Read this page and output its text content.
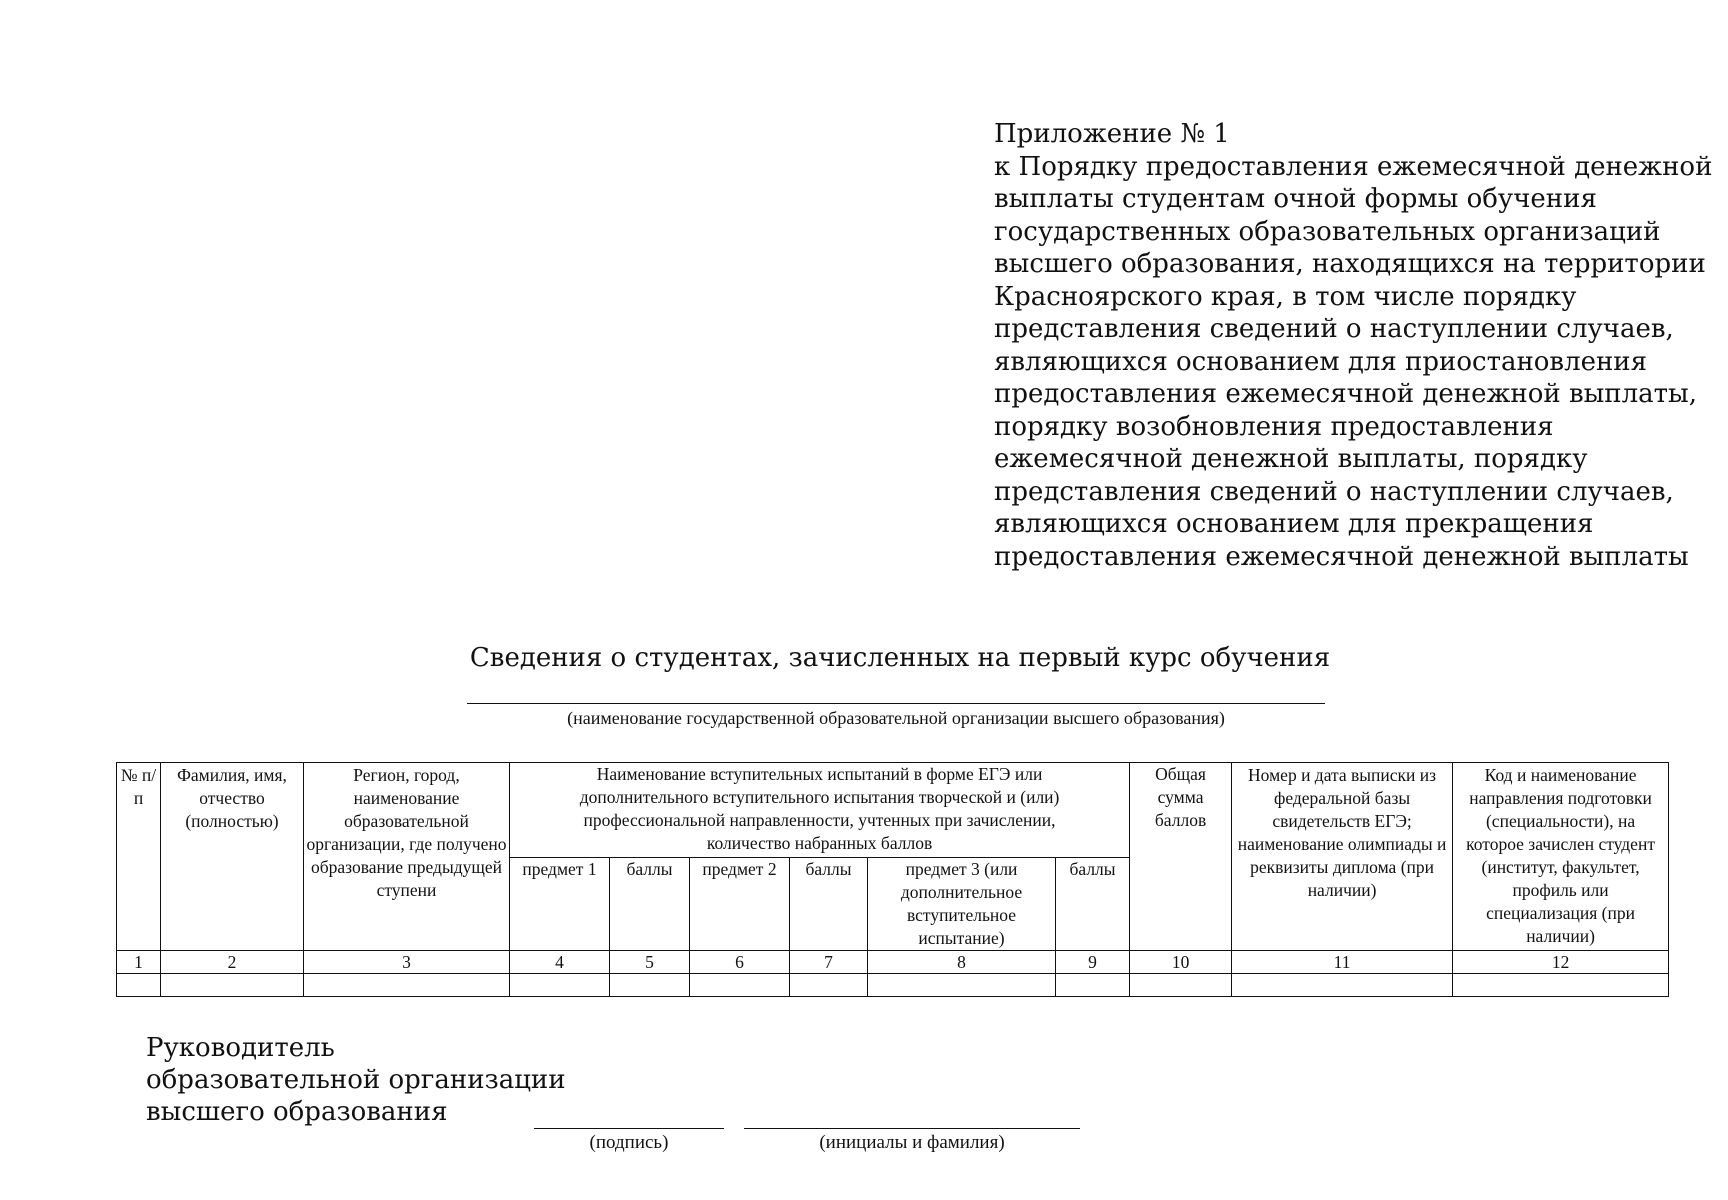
Приложение № 1
к Порядку предоставления ежемесячной денежной
выплаты студентам очной формы обучения
государственных образовательных организаций
высшего образования, находящихся на территории
Красноярского края, в том числе порядку
представления сведений о наступлении случаев,
являющихся основанием для приостановления
предоставления ежемесячной денежной выплаты,
порядку возобновления предоставления
ежемесячной денежной выплаты, порядку
представления сведений о наступлении случаев,
являющихся основанием для прекращения
предоставления ежемесячной денежной выплаты
Сведения о студентах, зачисленных на первый курс обучения
(наименование государственной образовательной организации высшего образования)
№ п/п	Фамилия, имя, отчество (полностью)	Регион, город, наименование образовательной организации, где получено образование предыдущей ступени	Наименование вступительных испытаний в форме ЕГЭ или дополнительного вступительного испытания творческой и (или) профессиональной направленности, учтенных при зачислении, количество набранных баллов						Общая сумма баллов	Номер и дата выписки из федеральной базы свидетельств ЕГЭ; наименование олимпиады и реквизиты диплома (при наличии)	Код и наименование направления подготовки (специальности), на которое зачислен студент (институт, факультет, профиль или специализация (при наличии)

			предмет 1	баллы	предмет 2	баллы	предмет 3 (или дополнительное вступительное испытание)	баллы			
1	2	3	4	5	6	7	8	9	10	11	12

Руководитель
образовательной организации
высшего образования
(подпись)	(инициалы и фамилия)
